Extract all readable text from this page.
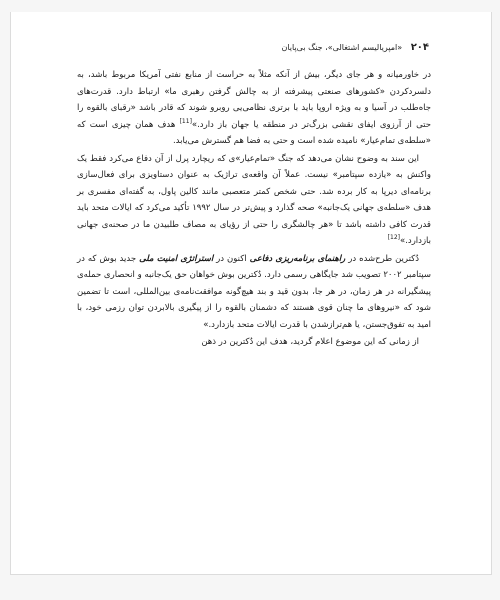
۲۰۴ «امپریالیسم اشتغالی»، جنگ بی‌پایان

در خاورمیانه و هر جای دیگر، بیش از آنکه مثلاً به حراست از منابع نفتی آمریکا مربوط باشد، به دلسردکردن «کشورهای صنعتی پیشرفته از به چالش گرفتن رهبری ما» ارتباط دارد. قدرت‌های جاه‌طلب در آسیا و به ویژه اروپا باید با برتری نظامی‌یی روبرو شوند که قادر باشد «رقبای بالقوه را حتی از آرزوی ایفای نقشی بزرگ‌تر در منطقه یا جهان باز دارد.»[11] هدف همان چیزی است که «سلطه‌ی تمام‌عیار» نامیده شده است و حتی به فضا هم گسترش می‌یابد.

این سند به وضوح نشان می‌دهد که جنگ «تمام‌عیار»ی که ریچارد پرل از آن دفاع می‌کرد فقط یک واکنش به «یازده سپتامبر» نیست. عملاً آن واقعه‌ی تراژیک به عنوان دستاویزی برای فعال‌سازی برنامه‌ای دیرپا به کار برده شد. حتی شخص کمتر متعصبی مانند کالین پاول، به گفته‌ای مفسری بر هدف «سلطه‌ی جهانی یک‌جانبه» صحه گذارد و پیش‌تر در سال ۱۹۹۲ تأکید می‌کرد که ایالات متحد باید قدرت کافی داشته باشد تا «هر چالشگری را حتی از رؤیای به مصاف طلبیدن ما در صحنه‌ی جهانی بازدارد.»[12]

دُکترین طرح‌شده در راهنمای برنامه‌ریزی دفاعی اکنون در استراتژی امنیت ملی جدید بوش که در سپتامبر ۲۰۰۲ تصویب شد جایگاهی رسمی دارد. دُکترین بوش خواهان حق یک‌جانبه و انحصاری حمله‌ی پیشگیرانه در هر زمان، در هر جا، بدون قید و بند هیچ‌گونه موافقت‌نامه‌ی بین‌المللی، است تا تضمین شود که «نیروهای ما چنان قوی هستند که دشمنان بالقوه را از پیگیری بالابردن توان رزمی خود، با امید به تفوق‌جستن، یا هم‌ترازشدن با قدرت ایالات متحد بازدارد.»

از زمانی که این موضوع اعلام گردید، هدف این دُکترین در ذهن
